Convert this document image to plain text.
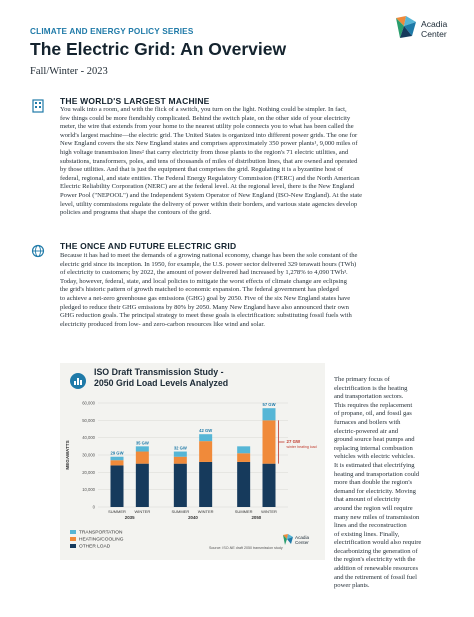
CLIMATE AND ENERGY POLICY SERIES
The Electric Grid: An Overview
Fall/Winter - 2023
Acadia
Center
THE WORLD'S LARGEST MACHINE
You walk into a room, and with the flick of a switch, you turn on the light. Nothing could be simpler. In fact,
few things could be more fiendishly complicated. Behind the switch plate, on the other side of your electricity
meter, the wire that extends from your home to the nearest utility pole connects you to what has been called the
world's largest machine—the electric grid. The United States is organized into different power grids. The one for
New England covers the six New England states and comprises approximately 350 power plants¹, 9,000 miles of
high voltage transmission lines² that carry electricity from those plants to the region's 71 electric utilities, and
substations, transformers, poles, and tens of thousands of miles of distribution lines, that are owned and operated
by those utilities. And that is just the equipment that comprises the grid. Regulating it is a byzantine host of
federal, regional, and state entities. The Federal Energy Regulatory Commission (FERC) and the North American
Electric Reliability Corporation (NERC) are at the federal level. At the regional level, there is the New England
Power Pool ("NEPOOL") and the Independent System Operator of New England (ISO-New England). At the state
level, utility commissions regulate the delivery of power within their borders, and various state agencies develop
policies and programs that shape the contours of the grid.
THE ONCE AND FUTURE ELECTRIC GRID
Because it has had to meet the demands of a growing national economy, change has been the sole constant of the
electric grid since its inception. In 1950, for example, the U.S. power sector delivered 329 terawatt hours (TWh)
of electricity to customers; by 2022, the amount of power delivered had increased by 1,278% to 4,090 TWh³.
Today, however, federal, state, and local policies to mitigate the worst effects of climate change are eclipsing
the grid's historic pattern of growth matched to economic expansion. The federal government has pledged
to achieve a net-zero greenhouse gas emissions (GHG) goal by 2050. Five of the six New England states have
pledged to reduce their GHG emissions by 80% by 2050. Many New England have also announced their own
GHG reduction goals. The principal strategy to meet these goals is electrification: substituting fossil fuels with
electricity produced from low- and zero-carbon resources like wind and solar.
The primary focus of
electrification is the heating
and transportation sectors.
This requires the replacement
of propane, oil, and fossil gas
furnaces and boilers with
electric-powered air and
ground source heat pumps and
replacing internal combustion
vehicles with electric vehicles.
It is estimated that electrifying
heating and transportation could
more than double the region's
demand for electricity. Moving
that amount of electricity
around the region will require
many new miles of transmission
lines and the reconstruction
of existing lines. Finally,
electrification would also require
decarbonizing the generation of
the region's electricity with the
addition of renewable resources
and the retirement of fossil fuel
power plants.
ISO Draft Transmission Study -
2050 Grid Load Levels Analyzed
MEGAWATTS
0
10,000
20,000
30,000
40,000
50,000
60,000
29 GW
SUMMER
35 GW
WINTER
32 GW
SUMMER
42 GW
WINTER	SUMMER
57 GW
WINTER
2035	2040	2050
27 GW
winter heating load
TRANSPORTATION
HEATING/COOLING
OTHER LOAD	Source: ISO-NE draft 2050 transmission study
Acadia
Center
